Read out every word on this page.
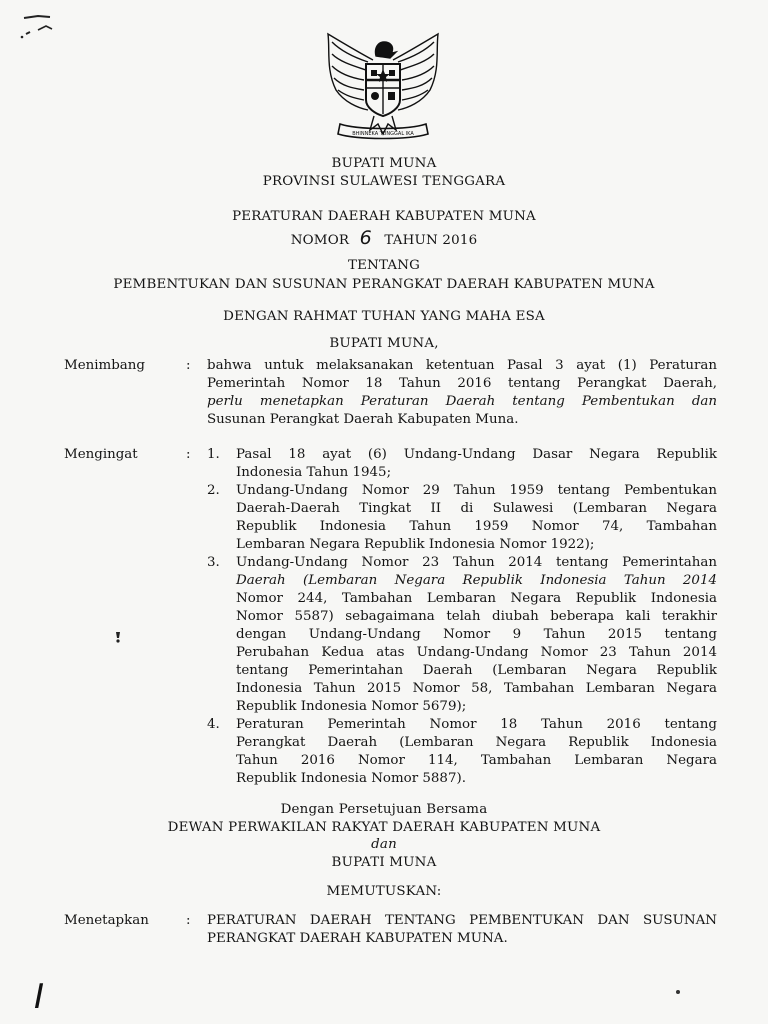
BHINNEKA TUNGGAL IKA
BUPATI MUNA
PROVINSI SULAWESI TENGGARA
PERATURAN DAERAH KABUPATEN MUNA
NOMOR 6 TAHUN 2016
TENTANG
PEMBENTUKAN DAN SUSUNAN PERANGKAT DAERAH KABUPATEN MUNA
DENGAN RAHMAT TUHAN YANG MAHA ESA
BUPATI MUNA,
Menimbang	: bahwa untuk melaksanakan ketentuan Pasal 3 ayat (1) Peraturan
Pemerintah Nomor 18 Tahun 2016 tentang Perangkat Daerah,
perlu menetapkan Peraturan Daerah tentang Pembentukan dan
Susunan Perangkat Daerah Kabupaten Muna.
Mengingat	: 1. Pasal 18 ayat (6) Undang-Undang Dasar Negara Republik
Indonesia Tahun 1945;
2. Undang-Undang Nomor 29 Tahun 1959 tentang Pembentukan
Daerah-Daerah Tingkat II di Sulawesi (Lembaran Negara
Republik Indonesia Tahun 1959 Nomor 74, Tambahan
Lembaran Negara Republik Indonesia Nomor 1922);
3. Undang-Undang Nomor 23 Tahun 2014 tentang Pemerintahan
Daerah (Lembaran Negara Republik Indonesia Tahun 2014
Nomor 244, Tambahan Lembaran Negara Republik Indonesia
Nomor 5587) sebagaimana telah diubah beberapa kali terakhir
dengan Undang-Undang Nomor 9 Tahun 2015 tentang
Perubahan Kedua atas Undang-Undang Nomor 23 Tahun 2014
tentang Pemerintahan Daerah (Lembaran Negara Republik
Indonesia Tahun 2015 Nomor 58, Tambahan Lembaran Negara
Republik Indonesia Nomor 5679);
4. Peraturan Pemerintah Nomor 18 Tahun 2016 tentang
Perangkat Daerah (Lembaran Negara Republik Indonesia
Tahun 2016 Nomor 114, Tambahan Lembaran Negara
Republik Indonesia Nomor 5887).
Dengan Persetujuan Bersama
DEWAN PERWAKILAN RAKYAT DAERAH KABUPATEN MUNA
dan
BUPATI MUNA
MEMUTUSKAN:
Menetapkan	: PERATURAN DAERAH TENTANG PEMBENTUKAN DAN SUSUNAN
PERANGKAT DAERAH KABUPATEN MUNA.
I
